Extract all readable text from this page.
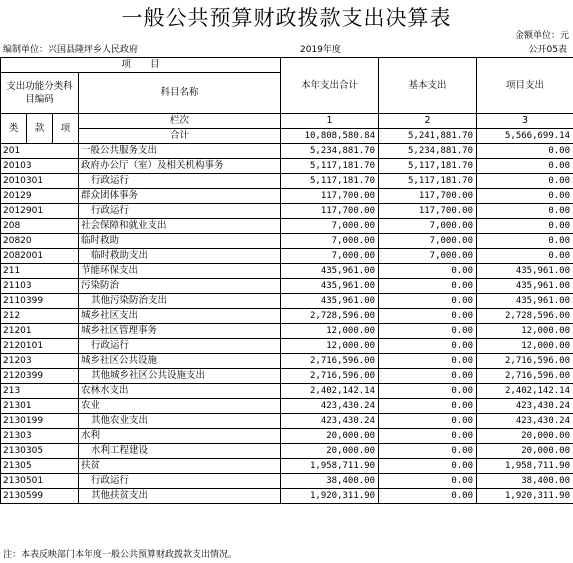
一般公共预算财政拨款支出决算表
金额单位：元
编制单位：兴国县隆坪乡人民政府	2019年度	公开05表
项　　目				本年支出合计	基本支出	项目支出
支出功能分类科目编码			科目名称			

类	款	项	栏次	1	2	3
			合计	10,808,580.84	5,241,881.70	5,566,699.14
201			一般公共服务支出	5,234,881.70	5,234,881.70	0.00
20103			政府办公厅（室）及相关机构事务	5,117,181.70	5,117,181.70	0.00
2010301			行政运行	5,117,181.70	5,117,181.70	0.00
20129			群众团体事务	117,700.00	117,700.00	0.00
2012901			行政运行	117,700.00	117,700.00	0.00
208			社会保障和就业支出	7,000.00	7,000.00	0.00
20820			临时救助	7,000.00	7,000.00	0.00
2082001			临时救助支出	7,000.00	7,000.00	0.00
211			节能环保支出	435,961.00	0.00	435,961.00
21103			污染防治	435,961.00	0.00	435,961.00
2110399			其他污染防治支出	435,961.00	0.00	435,961.00
212			城乡社区支出	2,728,596.00	0.00	2,728,596.00
21201			城乡社区管理事务	12,000.00	0.00	12,000.00
2120101			行政运行	12,000.00	0.00	12,000.00
21203			城乡社区公共设施	2,716,596.00	0.00	2,716,596.00
2120399			其他城乡社区公共设施支出	2,716,596.00	0.00	2,716,596.00
213			农林水支出	2,402,142.14	0.00	2,402,142.14
21301			农业	423,430.24	0.00	423,430.24
2130199			其他农业支出	423,430.24	0.00	423,430.24
21303			水利	20,000.00	0.00	20,000.00
2130305			水利工程建设	20,000.00	0.00	20,000.00
21305			扶贫	1,958,711.90	0.00	1,958,711.90
2130501			行政运行	38,400.00	0.00	38,400.00
2130599			其他扶贫支出	1,920,311.90	0.00	1,920,311.90
注：本表反映部门本年度一般公共预算财政拨款支出情况。
